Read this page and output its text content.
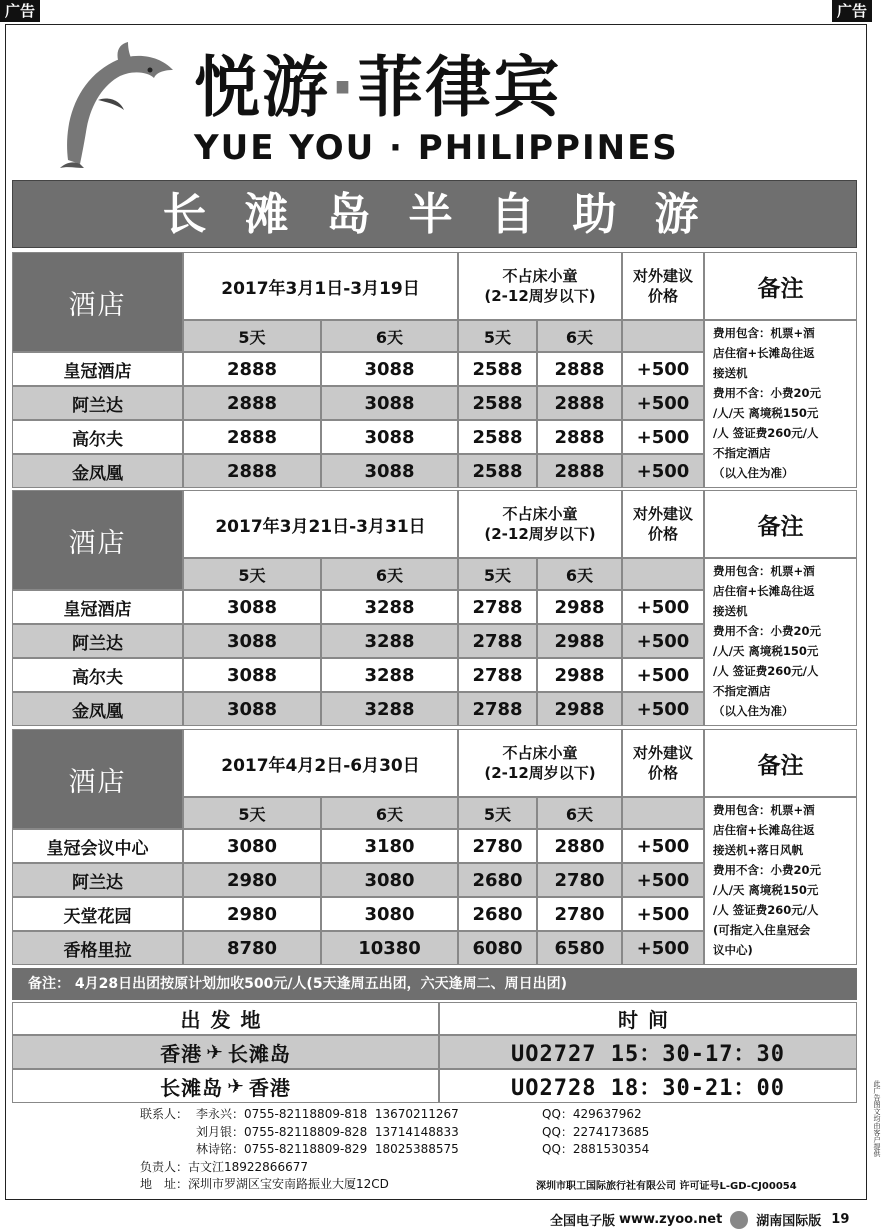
广告	广告
悦游·菲律宾
YUE YOU · PHILIPPINES
长滩岛半自助游
酒店
2017年3月1日-3月19日
不占床小童
(2-12周岁以下)
对外建议价格	备注
5天	6天	5天	6天
皇冠酒店	2888	3088	2588	2888	+500
阿兰达	2888	3088	2588	2888	+500
高尔夫	2888	3088	2588	2888	+500
金凤凰	2888	3088	2588	2888	+500
费用包含：机票+酒
店住宿+长滩岛往返
接送机
费用不含：小费20元
/人/天 离境税150元
/人 签证费260元/人
不指定酒店
（以入住为准）
酒店
2017年3月21日-3月31日
不占床小童
(2-12周岁以下)
对外建议价格	备注
5天	6天	5天	6天
皇冠酒店	3088	3288	2788	2988	+500
阿兰达	3088	3288	2788	2988	+500
高尔夫	3088	3288	2788	2988	+500
金凤凰	3088	3288	2788	2988	+500
费用包含：机票+酒
店住宿+长滩岛往返
接送机
费用不含：小费20元
/人/天 离境税150元
/人 签证费260元/人
不指定酒店
（以入住为准）
酒店
2017年4月2日-6月30日
不占床小童
(2-12周岁以下)
对外建议价格	备注
5天	6天	5天	6天
皇冠会议中心	3080	3180	2780	2880	+500
阿兰达	2980	3080	2680	2780	+500
天堂花园	2980	3080	2680	2780	+500
香格里拉	8780	10380	6080	6580	+500
费用包含：机票+酒
店住宿+长滩岛往返
接送机+落日风帆
费用不含：小费20元
/人/天 离境税150元
/人 签证费260元/人
(可指定入住皇冠会
议中心)
备注： 4月28日出团按原计划加收500元/人(5天逢周五出团，六天逢周二、周日出团)
出发地	时间
香港 ✈ 长滩岛	UO2727 15：30-17：30
长滩岛 ✈ 香港	UO2728 18：30-21：00
联系人： 李永兴 ：0755-82118809-818  13670211267	QQ：429637962
刘月银 ：0755-82118809-828  13714148833	QQ：2274173685
林诗铭 ：0755-82118809-829  18025388575	QQ：2881530354
负责人：古文江18922866677
地　址：深圳市罗湖区宝安南路振业大厦12CD	深圳市职工国际旅行社有限公司 许可证号L-GD-CJ00054
全国电子版 www.zyoo.net	湖南国际版 19
此广告图文均由客户提供
